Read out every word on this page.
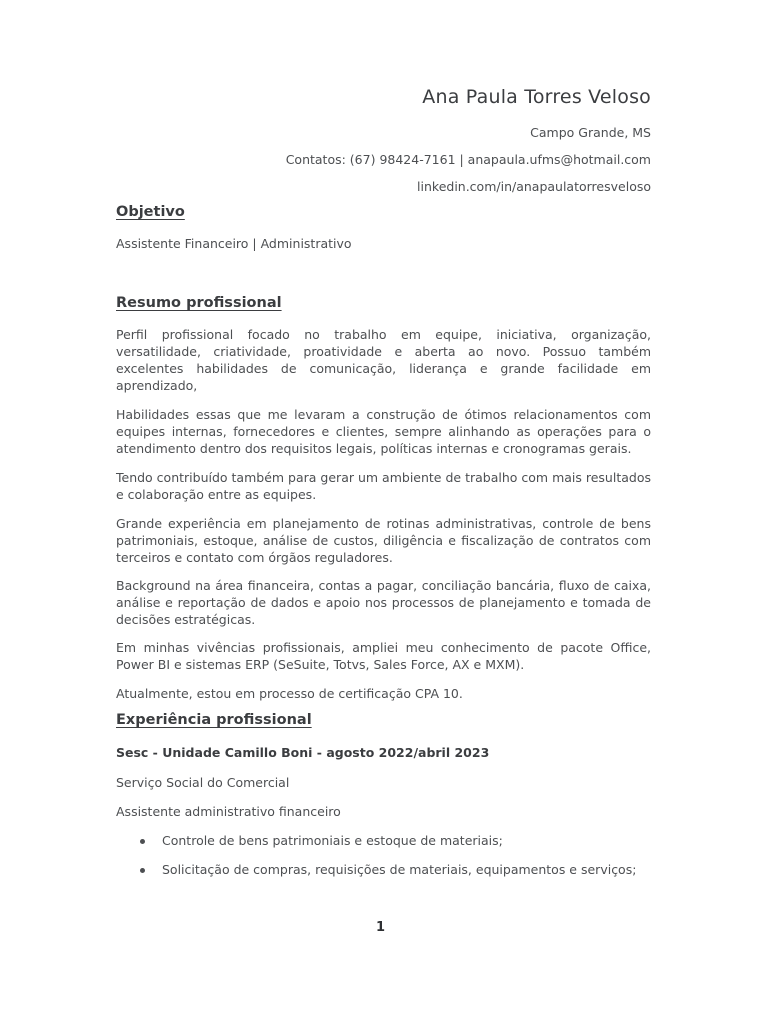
Ana Paula Torres Veloso
Campo Grande, MS
Contatos: (67) 98424-7161 | anapaula.ufms@hotmail.com
linkedin.com/in/anapaulatorresveloso
Objetivo
Assistente Financeiro | Administrativo
Resumo profissional
Perfil profissional focado no trabalho em equipe, iniciativa, organização, versatilidade, criatividade, proatividade e aberta ao novo. Possuo também excelentes habilidades de comunicação, liderança e grande facilidade em aprendizado,
Habilidades essas que me levaram a construção de ótimos relacionamentos com equipes internas, fornecedores e clientes, sempre alinhando as operações para o atendimento dentro dos requisitos legais, políticas internas e cronogramas gerais.
Tendo contribuído também para gerar um ambiente de trabalho com mais resultados e colaboração entre as equipes.
Grande experiência em planejamento de rotinas administrativas, controle de bens patrimoniais, estoque, análise de custos, diligência e fiscalização de contratos com terceiros e contato com órgãos reguladores.
Background na área financeira, contas a pagar, conciliação bancária, fluxo de caixa, análise e reportação de dados e apoio nos processos de planejamento e tomada de decisões estratégicas.
Em minhas vivências profissionais, ampliei meu conhecimento de pacote Office, Power BI e sistemas ERP (SeSuite, Totvs, Sales Force, AX e MXM).
Atualmente, estou em processo de certificação CPA 10.
Experiência profissional
Sesc - Unidade Camillo Boni - agosto 2022/abril 2023
Serviço Social do Comercial
Assistente administrativo financeiro
Controle de bens patrimoniais e estoque de materiais;
Solicitação de compras, requisições de materiais, equipamentos e serviços;
1
